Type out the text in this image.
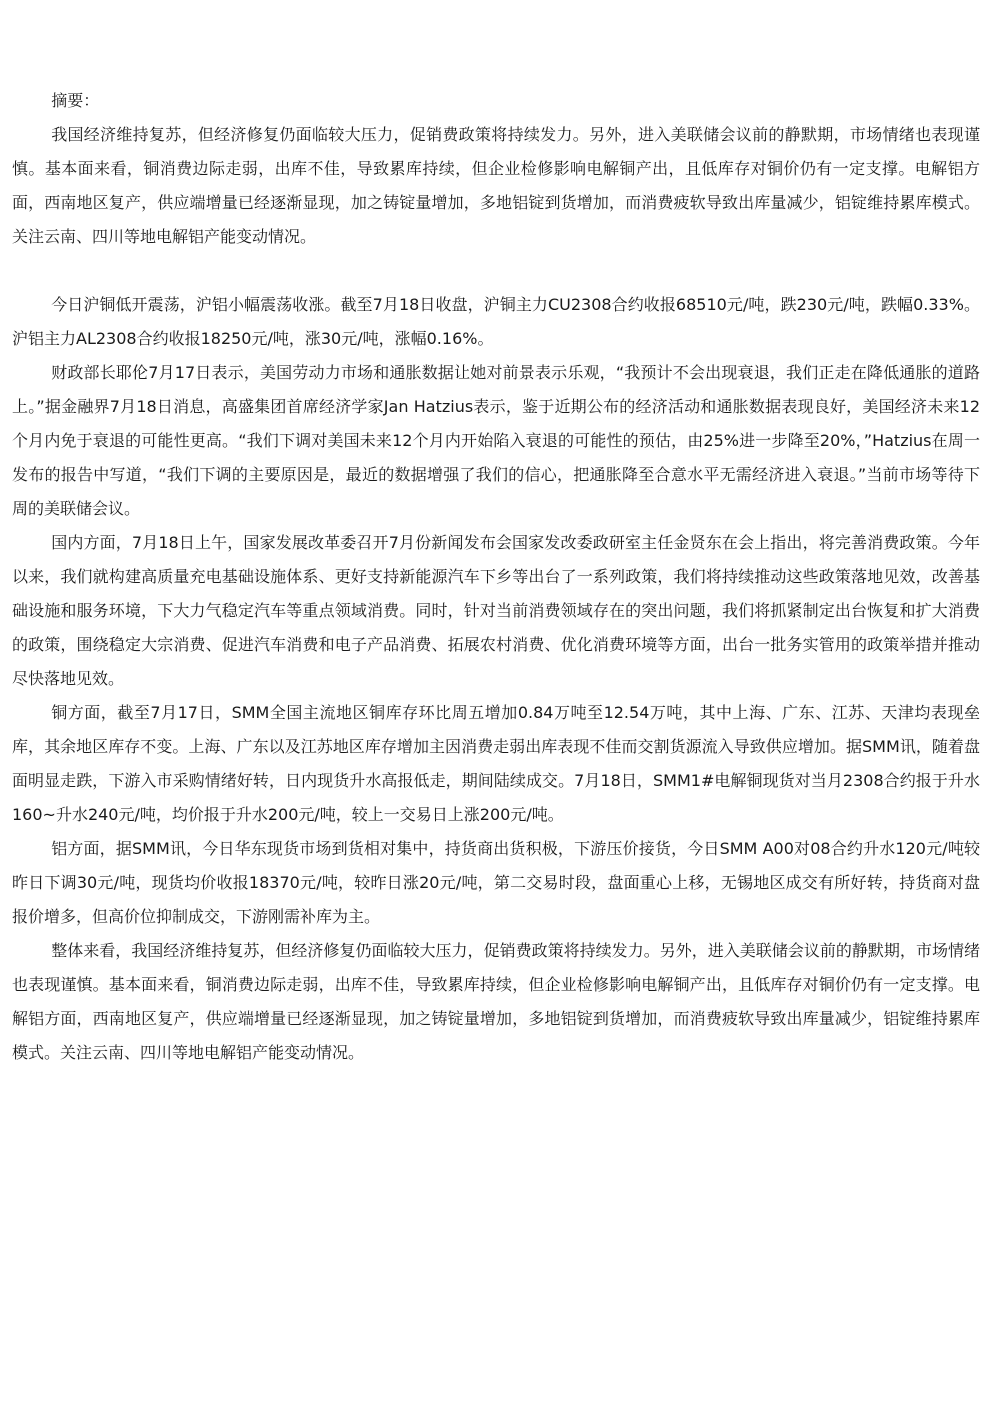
摘要：

我国经济维持复苏，但经济修复仍面临较大压力，促销费政策将持续发力。另外，进入美联储会议前的静默期，市场情绪也表现谨慎。基本面来看，铜消费边际走弱，出库不佳，导致累库持续，但企业检修影响电解铜产出，且低库存对铜价仍有一定支撑。电解铝方面，西南地区复产，供应端增量已经逐渐显现，加之铸锭量增加，多地铝锭到货增加，而消费疲软导致出库量减少，铝锭维持累库模式。关注云南、四川等地电解铝产能变动情况。

今日沪铜低开震荡，沪铝小幅震荡收涨。截至7月18日收盘，沪铜主力CU2308合约收报68510元/吨，跌230元/吨，跌幅0.33%。沪铝主力AL2308合约收报18250元/吨，涨30元/吨，涨幅0.16%。

财政部长耶伦7月17日表示，美国劳动力市场和通胀数据让她对前景表示乐观，“我预计不会出现衰退，我们正走在降低通胀的道路上。”据金融界7月18日消息，高盛集团首席经济学家Jan Hatzius表示，鉴于近期公布的经济活动和通胀数据表现良好，美国经济未来12个月内免于衰退的可能性更高。“我们下调对美国未来12个月内开始陷入衰退的可能性的预估，由25%进一步降至20%，”Hatzius在周一发布的报告中写道，“我们下调的主要原因是，最近的数据增强了我们的信心，把通胀降至合意水平无需经济进入衰退。”当前市场等待下周的美联储会议。

国内方面，7月18日上午，国家发展改革委召开7月份新闻发布会国家发改委政研室主任金贤东在会上指出，将完善消费政策。今年以来，我们就构建高质量充电基础设施体系、更好支持新能源汽车下乡等出台了一系列政策，我们将持续推动这些政策落地见效，改善基础设施和服务环境，下大力气稳定汽车等重点领域消费。同时，针对当前消费领域存在的突出问题，我们将抓紧制定出台恢复和扩大消费的政策，围绕稳定大宗消费、促进汽车消费和电子产品消费、拓展农村消费、优化消费环境等方面，出台一批务实管用的政策举措并推动尽快落地见效。

铜方面，截至7月17日，SMM全国主流地区铜库存环比周五增加0.84万吨至12.54万吨，其中上海、广东、江苏、天津均表现垒库，其余地区库存不变。上海、广东以及江苏地区库存增加主因消费走弱出库表现不佳而交割货源流入导致供应增加。据SMM讯，随着盘面明显走跌，下游入市采购情绪好转，日内现货升水高报低走，期间陆续成交。7月18日，SMM1#电解铜现货对当月2308合约报于升水160~升水240元/吨，均价报于升水200元/吨，较上一交易日上涨200元/吨。

铝方面，据SMM讯，今日华东现货市场到货相对集中，持货商出货积极，下游压价接货，今日SMM A00对08合约升水120元/吨较昨日下调30元/吨，现货均价收报18370元/吨，较昨日涨20元/吨，第二交易时段，盘面重心上移，无锡地区成交有所好转，持货商对盘报价增多，但高价位抑制成交，下游刚需补库为主。

整体来看，我国经济维持复苏，但经济修复仍面临较大压力，促销费政策将持续发力。另外，进入美联储会议前的静默期，市场情绪也表现谨慎。基本面来看，铜消费边际走弱，出库不佳，导致累库持续，但企业检修影响电解铜产出，且低库存对铜价仍有一定支撑。电解铝方面，西南地区复产，供应端增量已经逐渐显现，加之铸锭量增加，多地铝锭到货增加，而消费疲软导致出库量减少，铝锭维持累库模式。关注云南、四川等地电解铝产能变动情况。
